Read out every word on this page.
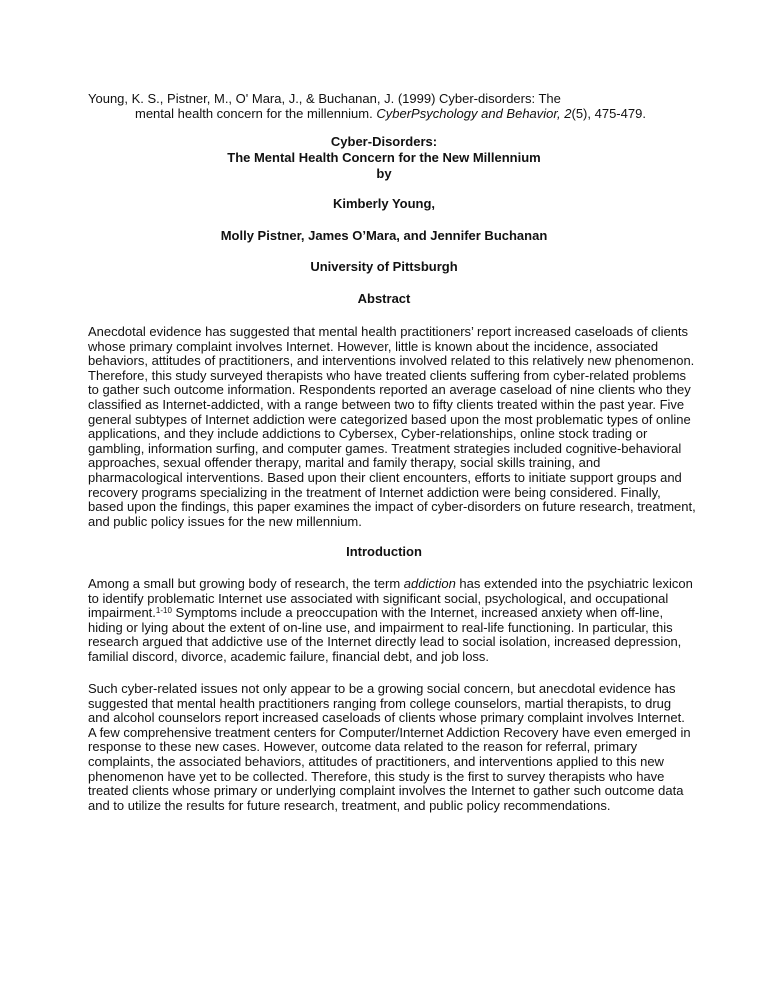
Young, K. S., Pistner, M., O' Mara, J., & Buchanan, J. (1999) Cyber-disorders: The
mental health concern for the millennium. CyberPsychology and Behavior, 2(5), 475-479.
Cyber-Disorders:
The Mental Health Concern for the New Millennium
by
Kimberly Young,
Molly Pistner, James O’Mara, and Jennifer Buchanan
University of Pittsburgh
Abstract
Anecdotal evidence has suggested that mental health practitioners’ report increased caseloads of clients
whose primary complaint involves Internet. However, little is known about the incidence, associated
behaviors, attitudes of practitioners, and interventions involved related to this relatively new phenomenon.
Therefore, this study surveyed therapists who have treated clients suffering from cyber-related problems
to gather such outcome information. Respondents reported an average caseload of nine clients who they
classified as Internet-addicted, with a range between two to fifty clients treated within the past year. Five
general subtypes of Internet addiction were categorized based upon the most problematic types of online
applications, and they include addictions to Cybersex, Cyber-relationships, online stock trading or
gambling, information surfing, and computer games. Treatment strategies included cognitive-behavioral
approaches, sexual offender therapy, marital and family therapy, social skills training, and
pharmacological interventions. Based upon their client encounters, efforts to initiate support groups and
recovery programs specializing in the treatment of Internet addiction were being considered. Finally,
based upon the findings, this paper examines the impact of cyber-disorders on future research, treatment,
and public policy issues for the new millennium.
Introduction
Among a small but growing body of research, the term addiction has extended into the psychiatric lexicon
to identify problematic Internet use associated with significant social, psychological, and occupational
impairment.$^{1-10}$ Symptoms include a preoccupation with the Internet, increased anxiety when off-line,
hiding or lying about the extent of on-line use, and impairment to real-life functioning. In particular, this
research argued that addictive use of the Internet directly lead to social isolation, increased depression,
familial discord, divorce, academic failure, financial debt, and job loss.
Such cyber-related issues not only appear to be a growing social concern, but anecdotal evidence has
suggested that mental health practitioners ranging from college counselors, martial therapists, to drug
and alcohol counselors report increased caseloads of clients whose primary complaint involves Internet.
A few comprehensive treatment centers for Computer/Internet Addiction Recovery have even emerged in
response to these new cases. However, outcome data related to the reason for referral, primary
complaints, the associated behaviors, attitudes of practitioners, and interventions applied to this new
phenomenon have yet to be collected. Therefore, this study is the first to survey therapists who have
treated clients whose primary or underlying complaint involves the Internet to gather such outcome data
and to utilize the results for future research, treatment, and public policy recommendations.
